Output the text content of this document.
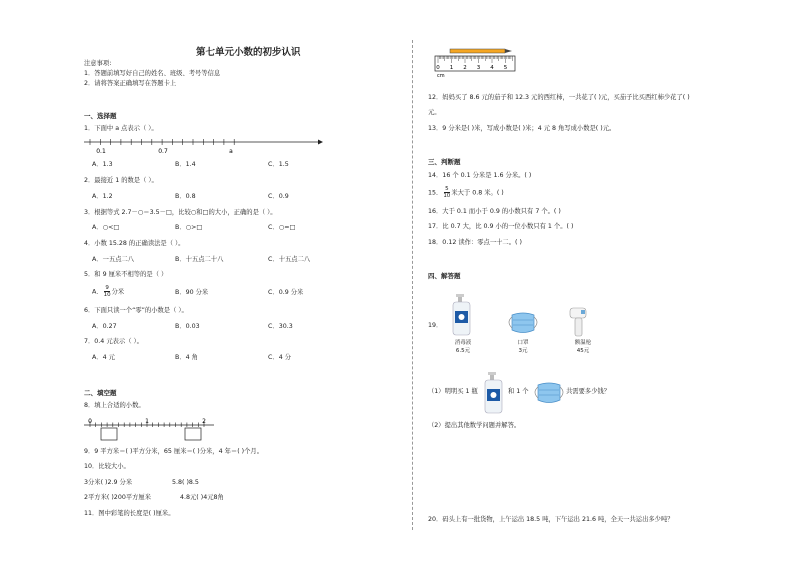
第七单元小数的初步认识
注意事项:
1．答题前填写好自己的姓名、班级、考号等信息
2．请将答案正确填写在答题卡上
一、选择题
1．下面中 a 点表示（ ）。
0.1	0.7	a
A．1.3	B．1.4	C．1.5
2．最接近 1 的数是（ ）。
A．1.2	B．0.8	C．0.9
3．根据等式 2.7－○＝3.5－□，比较○和□的大小，正确的是（ ）。
A．○<□	B．○>□	C．○=□
4．小数 15.28 的正确读法是（ ）。
A．一五点二八	B．十五点二十八	C．十五点二八
5．和 9 厘米不相等的是（ ）
A． $\frac{9}{10}$ 分米	B．90 分米	C．0.9 分米
6．下面只读一个“零”的小数是（ ）。
A．0.27	B．0.03	C．30.3
7．0.4 元表示（ ）。
A．4 元	B．4 角	C．4 分
二、填空题
8．填上合适的小数。
0	1	2
9．9 平方米＝( )平方分米，65 厘米＝( )分米，4 年＝( )个月。
10．比较大小。
3分米( )2.9 分米	5.8( )8.5
2平方米( )200平方厘米	4.8元( )4元8角
11．图中彩笔的长度是( )厘米。
cm
0 1 2 3 4 5
12．妈妈买了 8.6 元的茄子和 12.3 元的西红柿，一共花了( )元，买茄子比买西红柿少花了( )
元。
13．9 分米是( )米，写成小数是( )米；4 元 8 角写成小数是( )元。
三、判断题
14．16 个 0.1 分米是 1.6 分米。( )
15． $\frac{5}{10}$ 米大于 0.8 米。( )
16．大于 0.1 而小于 0.9 的小数只有 7 个。( )
17．比 0.7 大，比 0.9 小的一位小数只有 1 个。( )
18．0.12 读作：零点一十二。( )
四、解答题
19．
消毒液
6.5元
口罩
3元
额温枪
45元
（1）明明买 1 瓶	和 1 个	共需要多少钱？
（2）提出其他数学问题并解答。
20．码头上有一批货物，上午运出 18.5 吨，下午运出 21.6 吨，全天一共运出多少吨？
